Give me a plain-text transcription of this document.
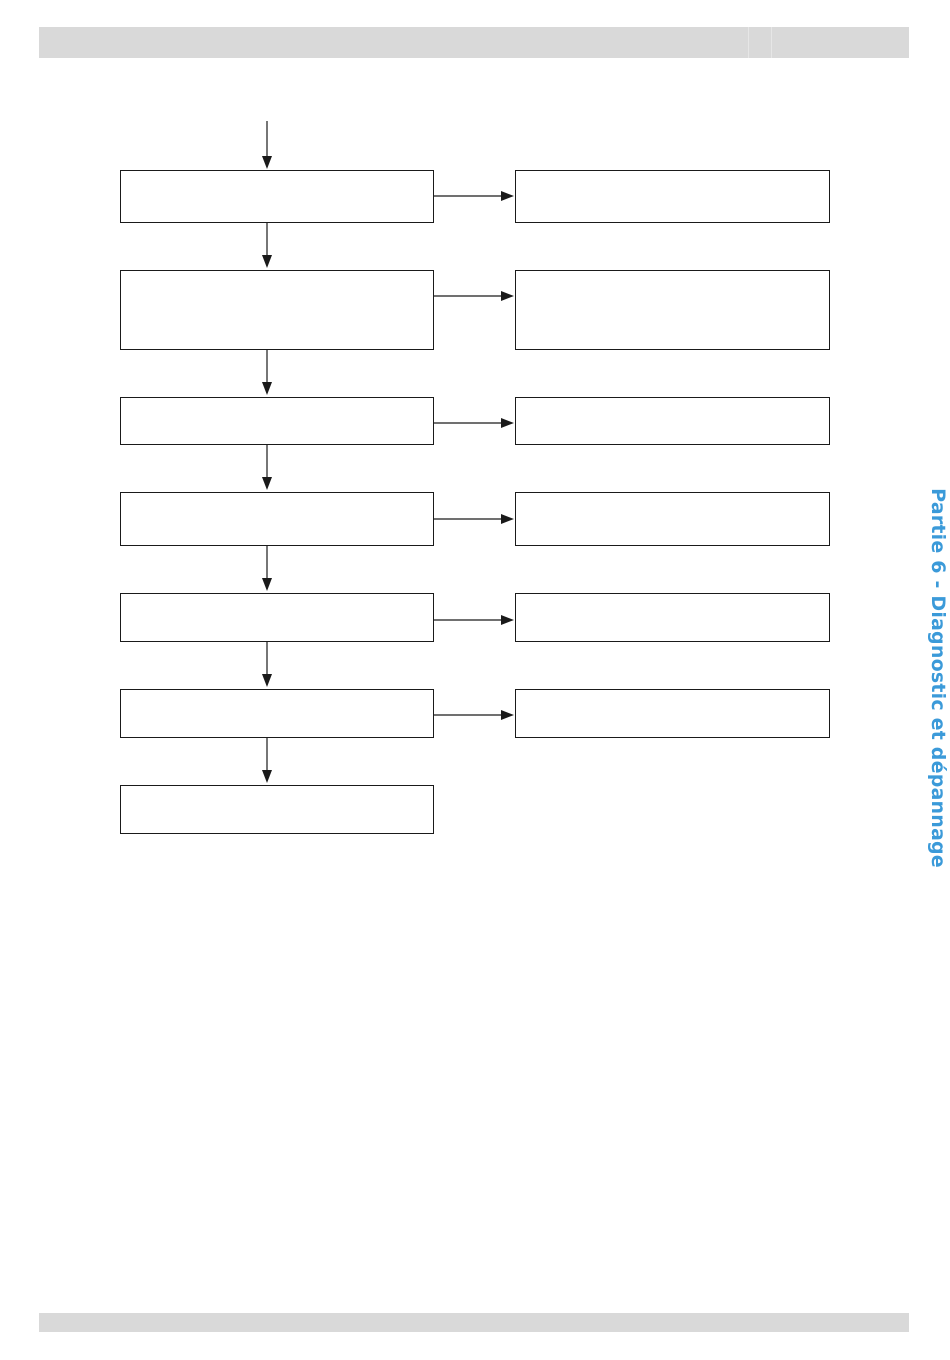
Partie 6 - Diagnostic et dépannage
